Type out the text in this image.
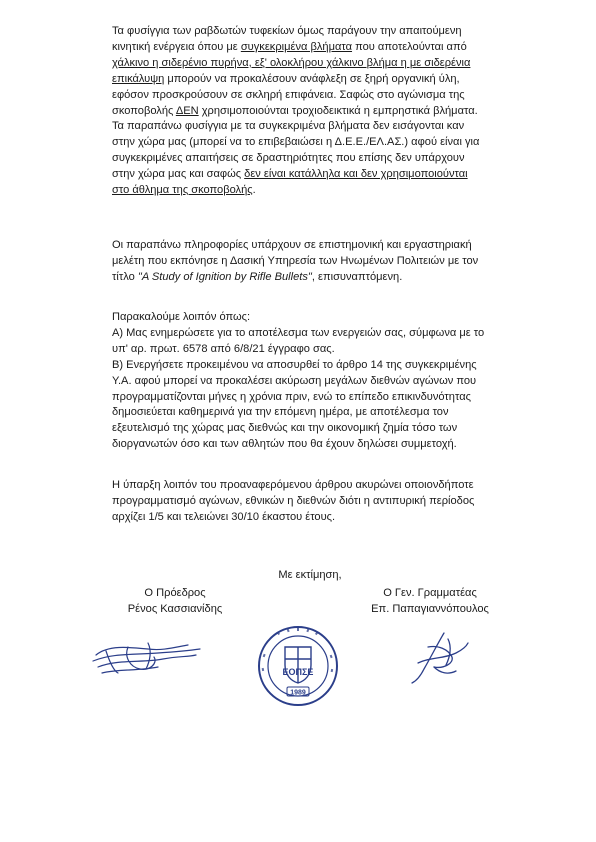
Τα φυσίγγια των ραβδωτών τυφεκίων όμως παράγουν την απαιτούμενη
κινητική ενέργεια όπου με συγκεκριμένα βλήματα που αποτελούνται από
χάλκινο η σιδερένιο πυρήνα, εξ' ολοκλήρου χάλκινο βλήμα η με σιδερένια
επικάλυψη μπορούν να προκαλέσουν ανάφλεξη σε ξηρή οργανική ύλη,
εφόσον προσκρούσουν σε σκληρή επιφάνεια. Σαφώς στο αγώνισμα της
σκοποβολής ΔΕΝ χρησιμοποιούνται τροχιοδεικτικά η εμπρηστικά βλήματα.
Τα παραπάνω φυσίγγια με τα συγκεκριμένα βλήματα δεν εισάγονται καν
στην χώρα μας (μπορεί να το επιβεβαιώσει η Δ.Ε.Ε./ΕΛ.ΑΣ.) αφού είναι για
συγκεκριμένες απαιτήσεις σε δραστηριότητες που επίσης δεν υπάρχουν
στην χώρα μας και σαφώς δεν είναι κατάλληλα και δεν χρησιμοποιούνται
στο άθλημα της σκοποβολής.

Οι παραπάνω πληροφορίες υπάρχουν σε επιστημονική και εργαστηριακή
μελέτη που εκπόνησε η Δασική Υπηρεσία των Ηνωμένων Πολιτειών με τον
τίτλο "A Study of Ignition by Rifle Bullets", επισυναπτόμενη.

Παρακαλούμε λοιπόν όπως:
Α) Μας ενημερώσετε για το αποτέλεσμα των ενεργειών σας, σύμφωνα με το
υπ' αρ. πρωτ. 6578 από 6/8/21 έγγραφο σας.
Β) Ενεργήσετε προκειμένου να αποσυρθεί το άρθρο 14 της συγκεκριμένης
Υ.Α. αφού μπορεί να προκαλέσει ακύρωση μεγάλων διεθνών αγώνων που
προγραμματίζονται μήνες η χρόνια πριν, ενώ το επίπεδο επικινδυνότητας
δημοσιεύεται καθημερινά για την επόμενη ημέρα, με αποτέλεσμα τον
εξευτελισμό της χώρας μας διεθνώς και την οικονομική ζημία τόσο των
διοργανωτών όσο και των αθλητών που θα έχουν δηλώσει συμμετοχή.

Η ύπαρξη λοιπόν του προαναφερόμενου άρθρου ακυρώνει οποιονδήποτε
προγραμματισμό αγώνων, εθνικών η διεθνών διότι η αντιπυρική περίοδος
αρχίζει 1/5 και τελειώνει 30/10 έκαστου έτους.

Με εκτίμηση,
Ο Πρόεδρος
Ρένος Κασσιανίδης
Ο Γεν. Γραμματέας
Επ. Παπαγιαννόπουλος
ΕΟΠΣΕ
1989
